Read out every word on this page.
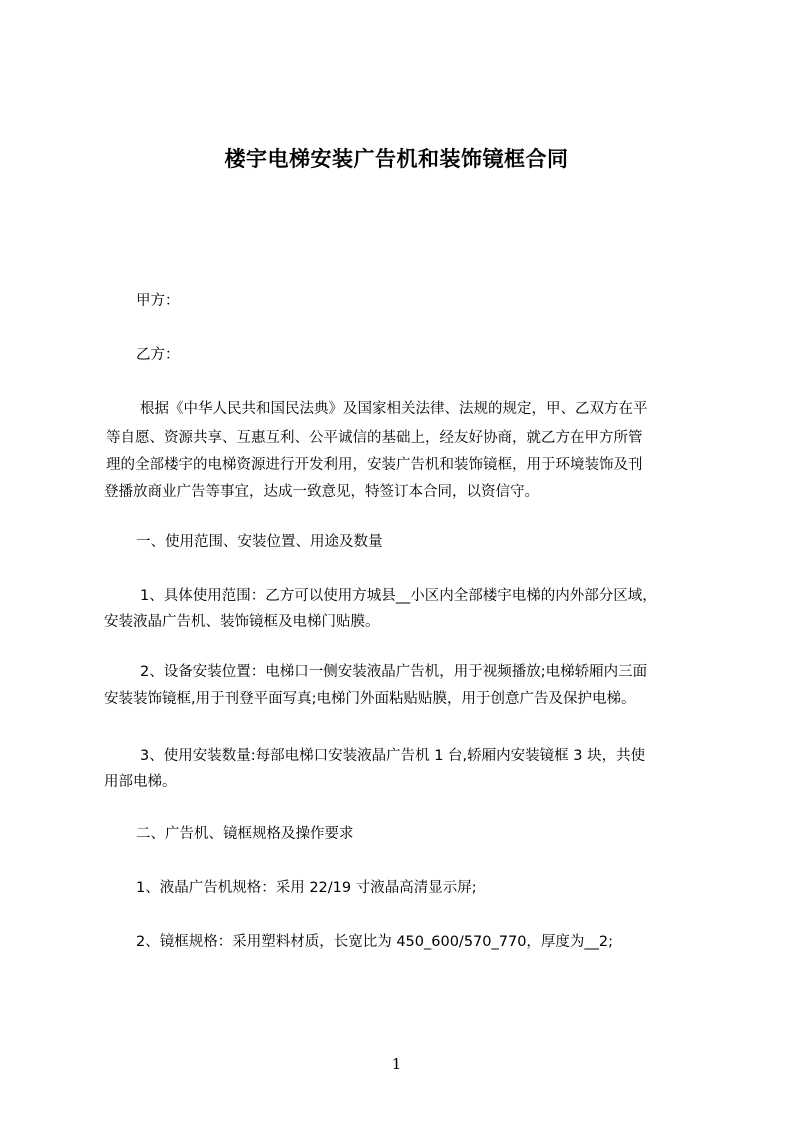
楼宇电梯安装广告机和装饰镜框合同
甲方：
乙方：
根据《中华人民共和国民法典》及国家相关法律、法规的规定，甲、乙双方在平
等自愿、资源共享、互惠互利、公平诚信的基础上，经友好协商，就乙方在甲方所管
理的全部楼宇的电梯资源进行开发利用，安装广告机和装饰镜框，用于环境装饰及刊
登播放商业广告等事宜，达成一致意见，特签订本合同，以资信守。
一、使用范围、安装位置、用途及数量
1、具体使用范围：乙方可以使用方城县__小区内全部楼宇电梯的内外部分区域，
安装液晶广告机、装饰镜框及电梯门贴膜。
2、设备安装位置：电梯口一侧安装液晶广告机，用于视频播放;电梯轿厢内三面
安装装饰镜框,用于刊登平面写真;电梯门外面粘贴贴膜，用于创意广告及保护电梯。
3、使用安装数量:每部电梯口安装液晶广告机 1 台,轿厢内安装镜框 3 块，共使
用部电梯。
二、广告机、镜框规格及操作要求
1、液晶广告机规格：采用 22/19 寸液晶高清显示屏;
2、镜框规格：采用塑料材质，长宽比为 450_600/570_770，厚度为__2;
1
